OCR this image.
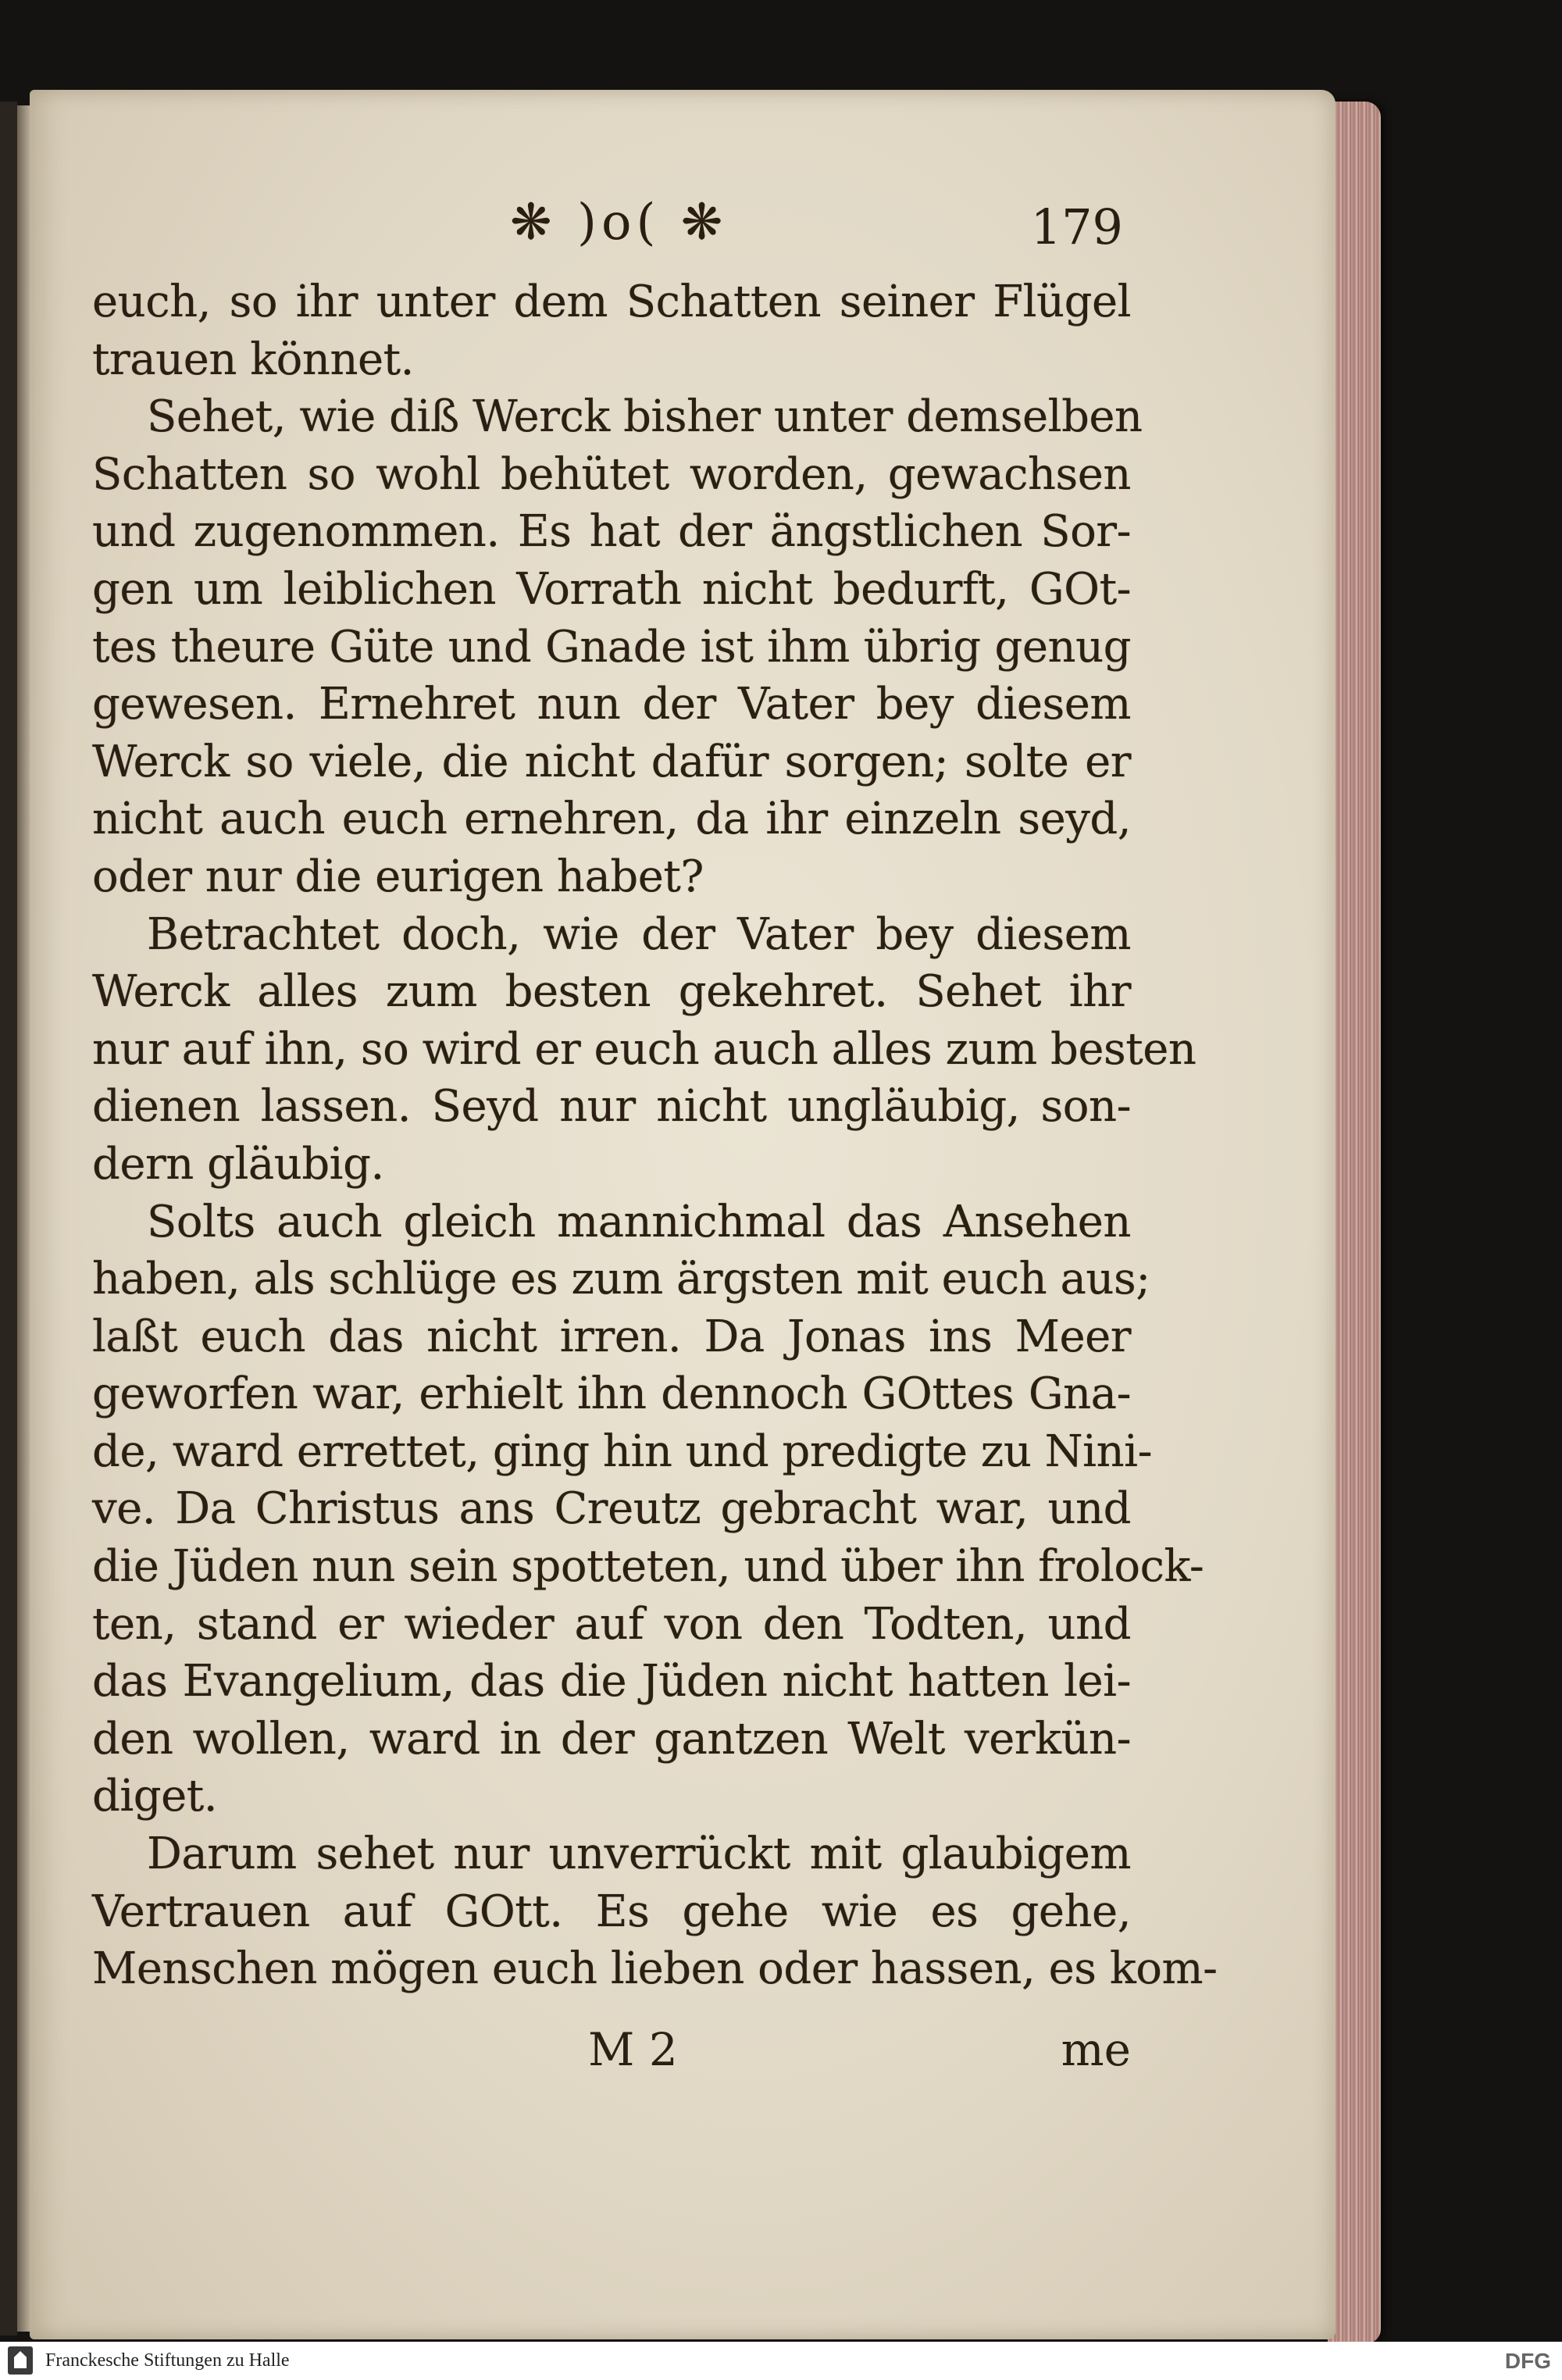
❋ )o( ❋	179
euch, so ihr unter dem Schatten seiner Flügel
trauen könnet.
Sehet, wie diß Werck bisher unter demselben
Schatten so wohl behütet worden, gewachsen
und zugenommen. Es hat der ängstlichen Sor-
gen um leiblichen Vorrath nicht bedurft, GOt-
tes theure Güte und Gnade ist ihm übrig genug
gewesen. Ernehret nun der Vater bey diesem
Werck so viele, die nicht dafür sorgen; solte er
nicht auch euch ernehren, da ihr einzeln seyd,
oder nur die eurigen habet?
Betrachtet doch, wie der Vater bey diesem
Werck alles zum besten gekehret. Sehet ihr
nur auf ihn, so wird er euch auch alles zum besten
dienen lassen. Seyd nur nicht ungläubig, son-
dern gläubig.
Solts auch gleich mannichmal das Ansehen
haben, als schlüge es zum ärgsten mit euch aus;
laßt euch das nicht irren. Da Jonas ins Meer
geworfen war, erhielt ihn dennoch GOttes Gna-
de, ward errettet, ging hin und predigte zu Nini-
ve. Da Christus ans Creutz gebracht war, und
die Jüden nun sein spotteten, und über ihn frolock-
ten, stand er wieder auf von den Todten, und
das Evangelium, das die Jüden nicht hatten lei-
den wollen, ward in der gantzen Welt verkün-
diget.
Darum sehet nur unverrückt mit glaubigem
Vertrauen auf GOtt. Es gehe wie es gehe,
Menschen mögen euch lieben oder hassen, es kom-
M 2	me
Franckesche Stiftungen zu Halle	DFG
